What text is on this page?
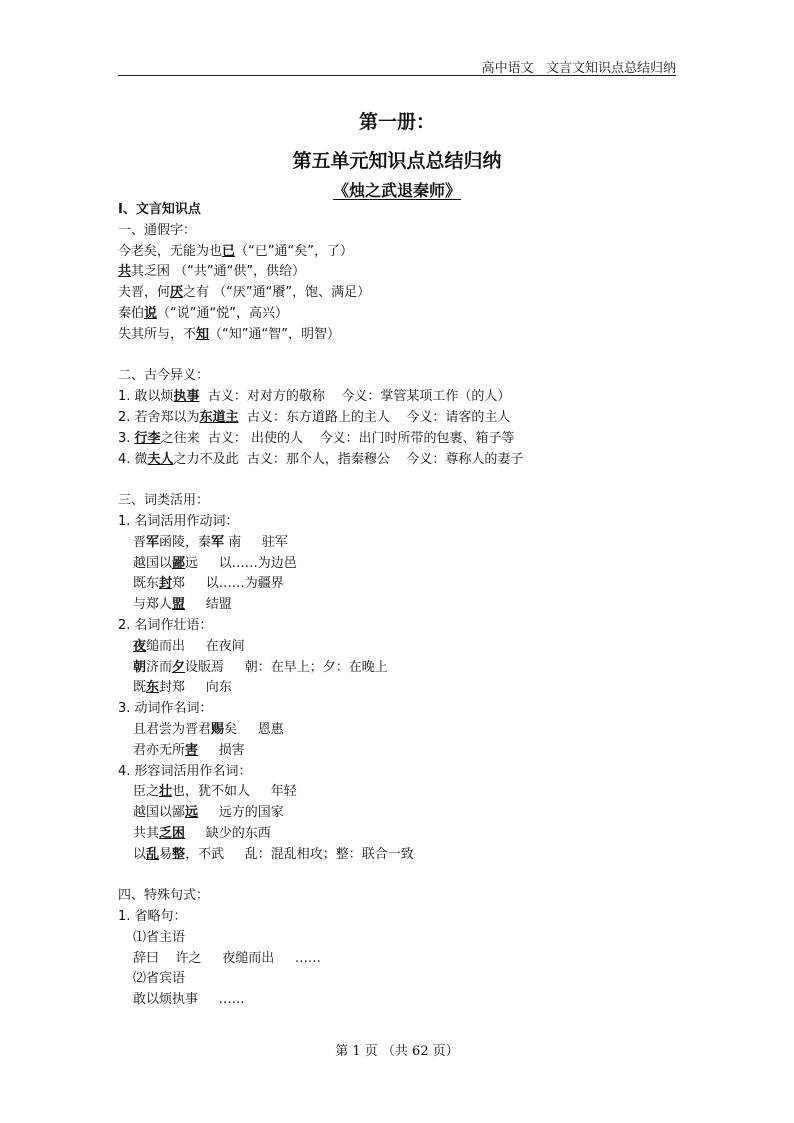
高中语文 文言文知识点总结归纳
第一册：
第五单元知识点总结归纳
《烛之武退秦师》
Ⅰ、文言知识点
一、通假字：
今老矣，无能为也已（“已”通“矣”，了）
共其乏困 （“共”通“供”，供给）
夫晋，何厌之有 （“厌”通“餍”，饱、满足）
秦伯说（“说”通“悦”，高兴）
失其所与，不知（“知”通“智”，明智）
二、古今异义：
1. 敢以烦执事  古义：对对方的敬称    今义：掌管某项工作（的人）
2. 若舍郑以为东道主  古义：东方道路上的主人    今义：请客的主人
3. 行李之往来  古义： 出使的人    今义：出门时所带的包裹、箱子等
4. 微夫人之力不及此  古义：那个人，指秦穆公    今义：尊称人的妻子
三、词类活用：
1. 名词活用作动词：
晋军函陵，秦军 南     驻军
越国以鄙远     以……为边邑
既东封郑     以……为疆界
与郑人盟     结盟
2. 名词作壮语：
夜缒而出     在夜间
朝济而夕设版焉     朝：在早上；夕：在晚上
既东封郑     向东
3. 动词作名词：
且君尝为晋君赐矣     恩惠
君亦无所害     损害
4. 形容词活用作名词：
臣之壮也，犹不如人     年轻
越国以鄙远     远方的国家
共其乏困     缺少的东西
以乱易整，不武     乱：混乱相攻；整：联合一致
四、特殊句式：
1. 省略句：
⑴省主语
辞曰    许之     夜缒而出     ……
⑵省宾语
敢以烦执事     ……
第 1 页 （共 62 页）
